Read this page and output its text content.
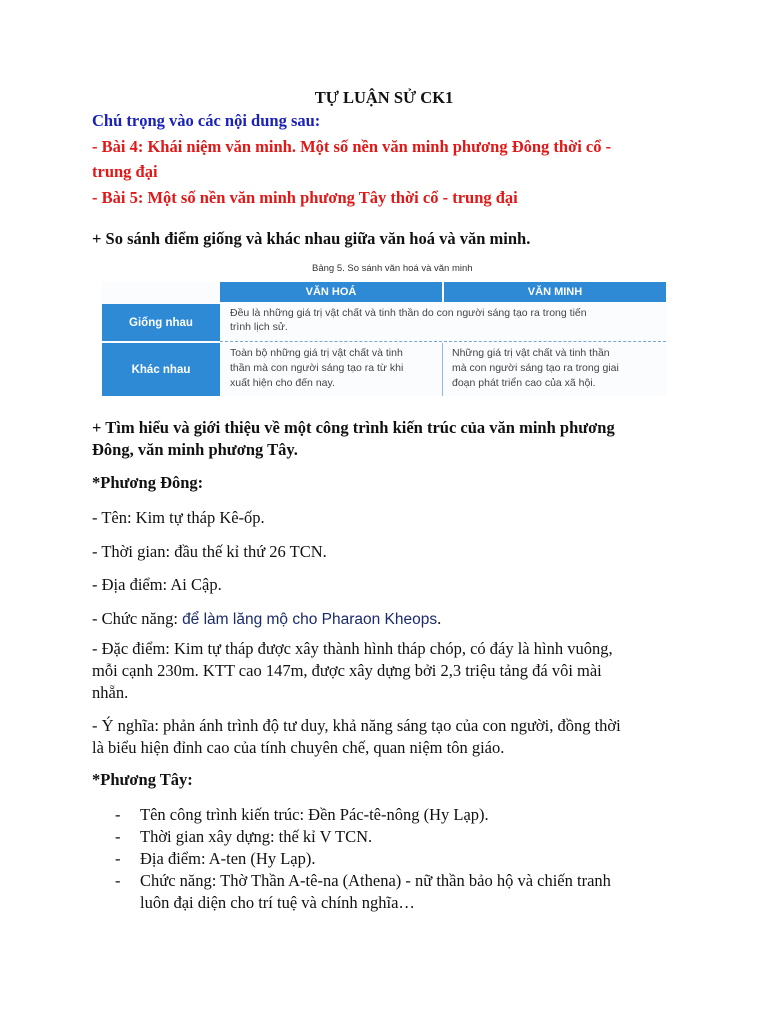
TỰ LUẬN SỬ CK1
Chú trọng vào các nội dung sau:
- Bài 4: Khái niệm văn minh. Một số nền văn minh phương Đông thời cổ -
trung đại
- Bài 5: Một số nền văn minh phương Tây thời cổ - trung đại
+ So sánh điểm giống và khác nhau giữa văn hoá và văn minh.
Bảng 5. So sánh văn hoá và văn minh
VĂN HOÁ	VĂN MINH
Giống nhau
Khác nhau
Đều là những giá trị vật chất và tinh thần do con người sáng tạo ra trong tiến
trình lịch sử.
Toàn bộ những giá trị vật chất và tinh
thần mà con người sáng tạo ra từ khi
xuất hiện cho đến nay.
Những giá trị vật chất và tinh thần
mà con người sáng tạo ra trong giai
đoạn phát triển cao của xã hội.
+ Tìm hiểu và giới thiệu về một công trình kiến trúc của văn minh phương
Đông, văn minh phương Tây.
*Phương Đông:
- Tên: Kim tự tháp Kê-ốp.
- Thời gian: đầu thế kỉ thứ 26 TCN.
- Địa điểm: Ai Cập.
- Chức năng: để làm lăng mộ cho Pharaon Kheops.
- Đặc điểm: Kim tự tháp được xây thành hình tháp chóp, có đáy là hình vuông,
mỗi cạnh 230m. KTT cao 147m, được xây dựng bởi 2,3 triệu tảng đá vôi mài
nhẵn.
- Ý nghĩa: phản ánh trình độ tư duy, khả năng sáng tạo của con người, đồng thời
là biểu hiện đỉnh cao của tính chuyên chế, quan niệm tôn giáo.
*Phương Tây:
- Tên công trình kiến trúc: Đền Pác-tê-nông (Hy Lạp).
- Thời gian xây dựng: thế kỉ V TCN.
- Địa điểm: A-ten (Hy Lạp).
- Chức năng: Thờ Thần A-tê-na (Athena) - nữ thần bảo hộ và chiến tranh
luôn đại diện cho trí tuệ và chính nghĩa…
